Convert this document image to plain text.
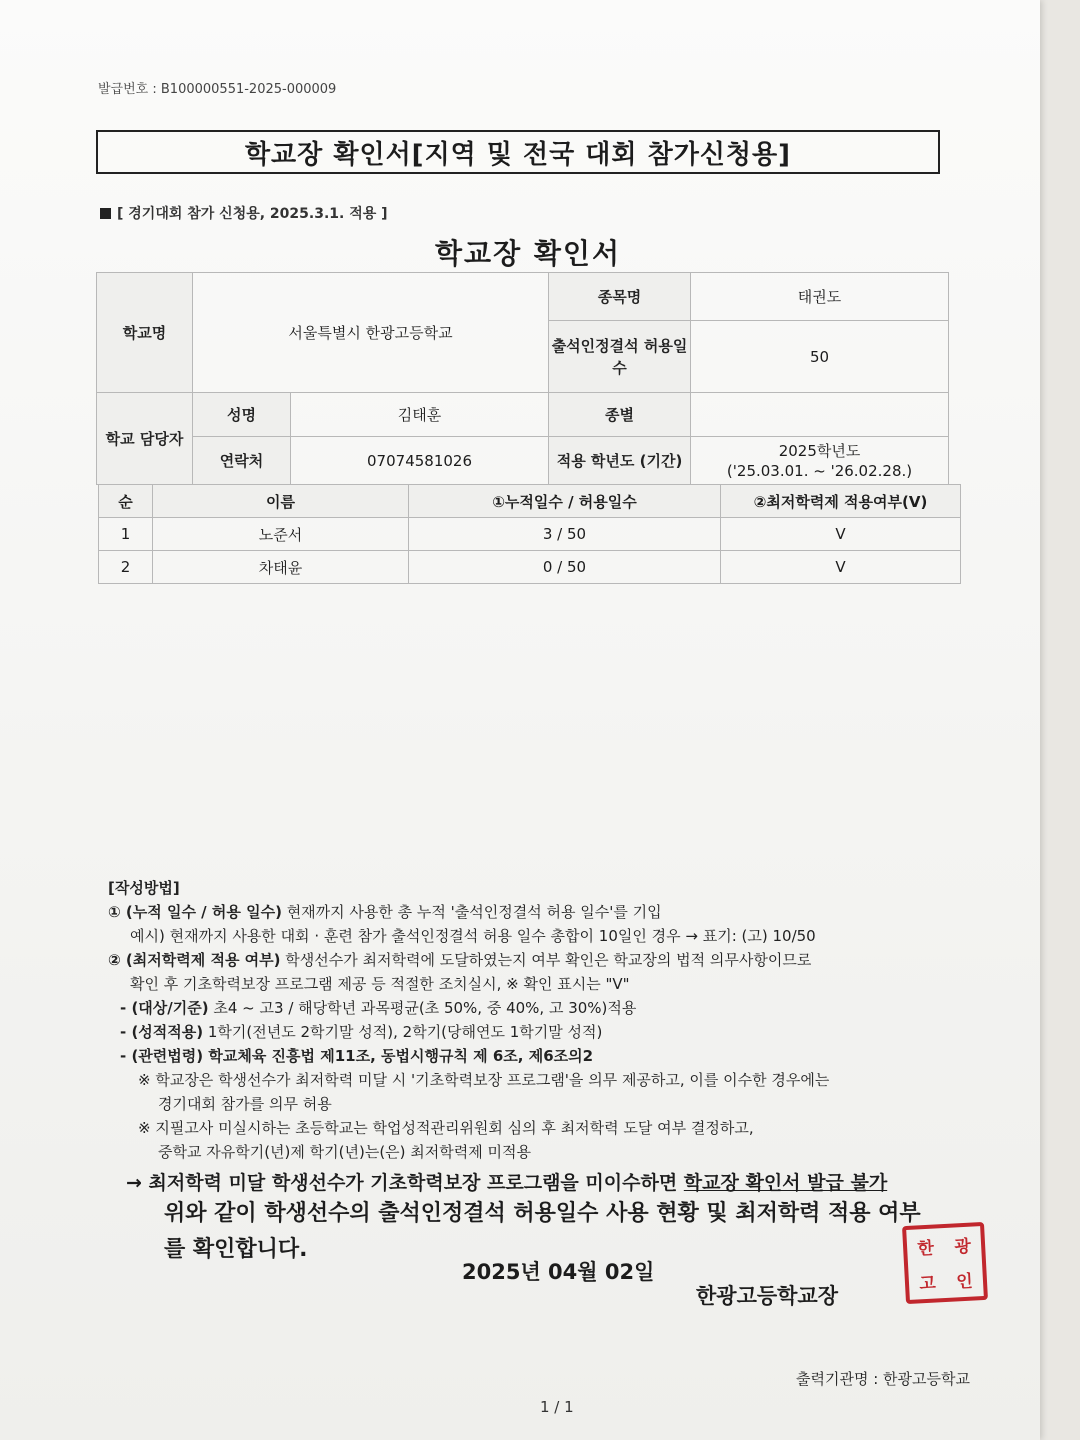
발급번호 : B100000551-2025-000009
학교장 확인서[지역 및 전국 대회 참가신청용]
[ 경기대회 참가 신청용, 2025.3.1. 적용 ]
학교장 확인서
학교명	서울특별시 한광고등학교		종목명	태권도
			출석인정결석 허용일수	50
학교 담당자	성명	김태훈	종별	
	연락처	07074581026	적용 학년도 (기간)	2025학년도
('25.03.01. ~ '26.02.28.)
순	이름	①누적일수 / 허용일수	②최저학력제 적용여부(V)
1	노준서	3 / 50	V
2	차태윤	0 / 50	V
[작성방법]
① (누적 일수 / 허용 일수) 현재까지 사용한 총 누적 '출석인정결석 허용 일수'를 기입
예시) 현재까지 사용한 대회 · 훈련 참가 출석인정결석 허용 일수 총합이 10일인 경우 → 표기: (고) 10/50
② (최저학력제 적용 여부) 학생선수가 최저학력에 도달하였는지 여부 확인은 학교장의 법적 의무사항이므로
확인 후 기초학력보장 프로그램 제공 등 적절한 조치실시, ※ 확인 표시는 "V"
- (대상/기준) 초4 ~ 고3 / 해당학년 과목평균(초 50%, 중 40%, 고 30%)적용
- (성적적용) 1학기(전년도 2학기말 성적), 2학기(당해연도 1학기말 성적)
- (관련법령) 학교체육 진흥법 제11조, 동법시행규칙 제 6조, 제6조의2
※ 학교장은 학생선수가 최저학력 미달 시 '기초학력보장 프로그램'을 의무 제공하고, 이를 이수한 경우에는
경기대회 참가를 의무 허용
※ 지필고사 미실시하는 초등학교는 학업성적관리위원회 심의 후 최저학력 도달 여부 결정하고,
중학교 자유학기(년)제 학기(년)는(은) 최저학력제 미적용
→ 최저학력 미달 학생선수가 기초학력보장 프로그램을 미이수하면 학교장 확인서 발급 불가
위와 같이 학생선수의 출석인정결석 허용일수 사용 현황 및 최저학력 적용 여부를 확인합니다.
2025년 04월 02일
한광고등학교장
한 광
고 인
출력기관명 : 한광고등학교
1 / 1
